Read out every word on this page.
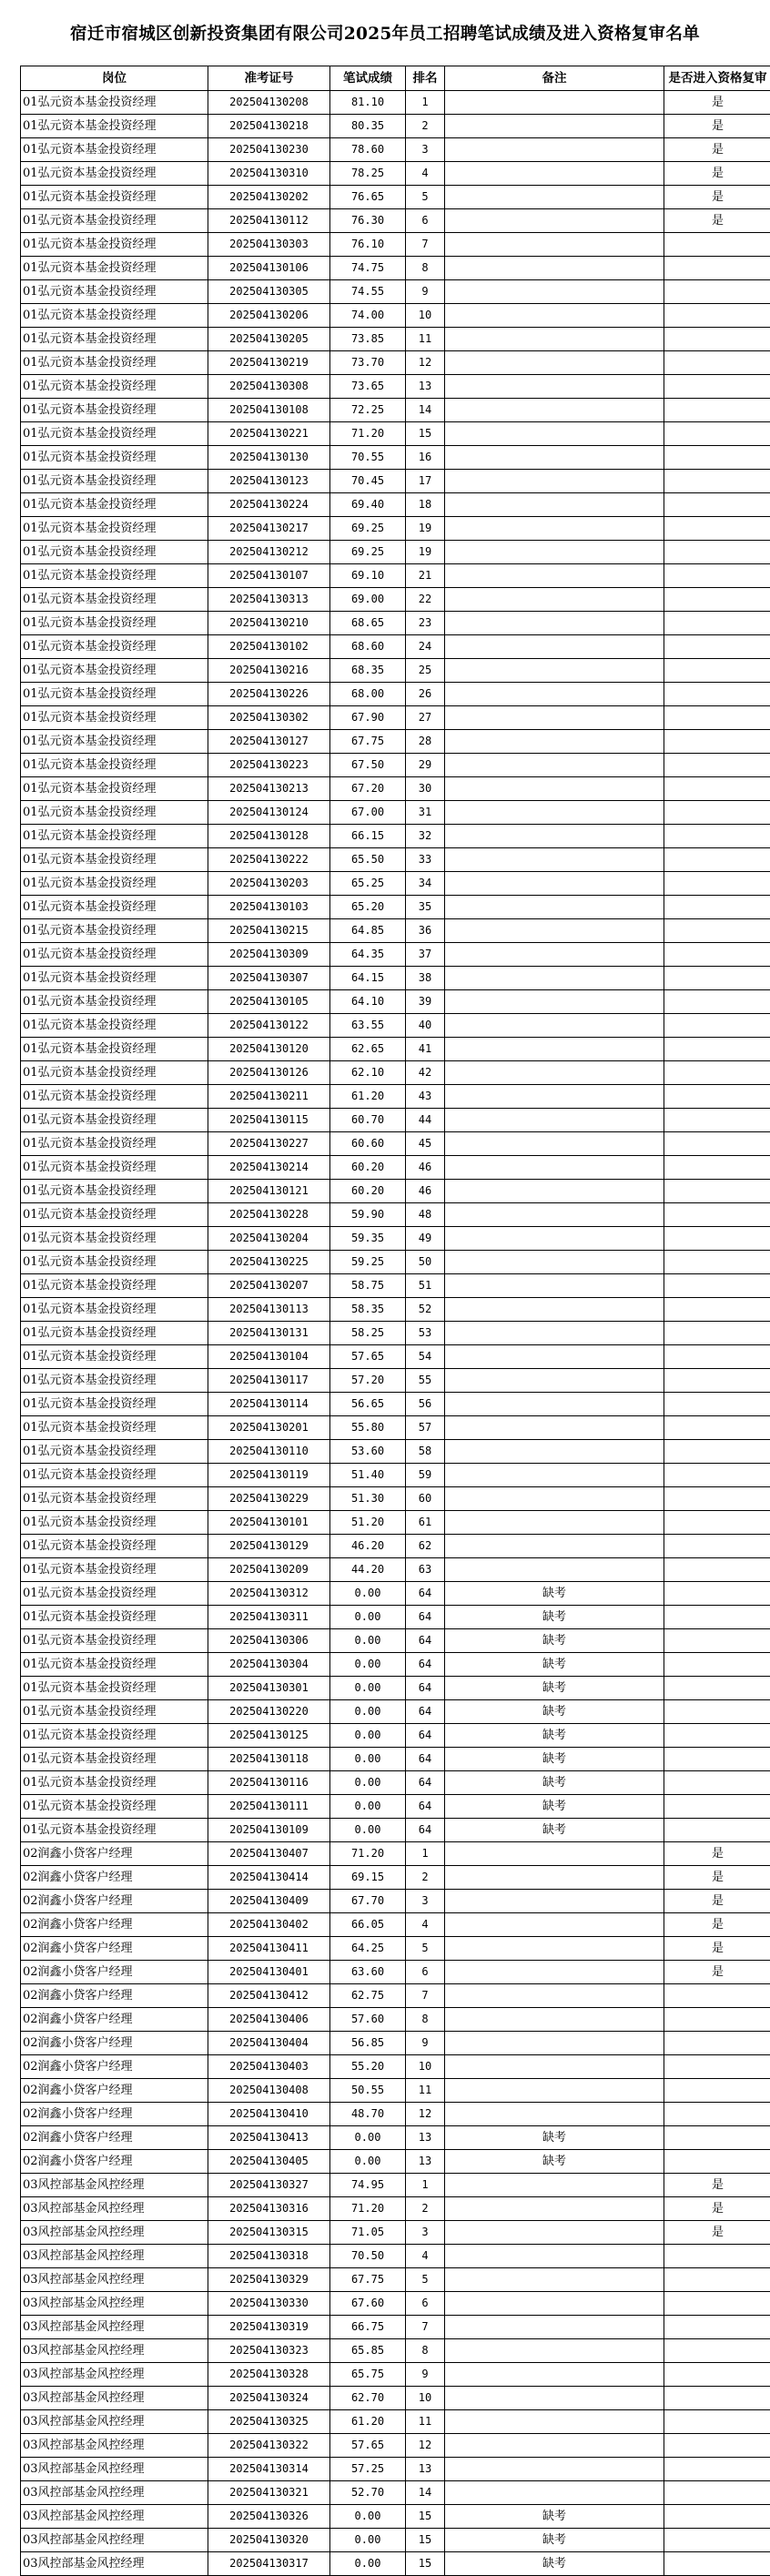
宿迁市宿城区创新投资集团有限公司2025年员工招聘笔试成绩及进入资格复审名单
岗位	准考证号	笔试成绩	排名	备注	是否进入资格复审
01弘元资本基金投资经理	202504130208	81.10	1		是
01弘元资本基金投资经理	202504130218	80.35	2		是
01弘元资本基金投资经理	202504130230	78.60	3		是
01弘元资本基金投资经理	202504130310	78.25	4		是
01弘元资本基金投资经理	202504130202	76.65	5		是
01弘元资本基金投资经理	202504130112	76.30	6		是
01弘元资本基金投资经理	202504130303	76.10	7		
01弘元资本基金投资经理	202504130106	74.75	8		
01弘元资本基金投资经理	202504130305	74.55	9		
01弘元资本基金投资经理	202504130206	74.00	10		
01弘元资本基金投资经理	202504130205	73.85	11		
01弘元资本基金投资经理	202504130219	73.70	12		
01弘元资本基金投资经理	202504130308	73.65	13		
01弘元资本基金投资经理	202504130108	72.25	14		
01弘元资本基金投资经理	202504130221	71.20	15		
01弘元资本基金投资经理	202504130130	70.55	16		
01弘元资本基金投资经理	202504130123	70.45	17		
01弘元资本基金投资经理	202504130224	69.40	18		
01弘元资本基金投资经理	202504130217	69.25	19		
01弘元资本基金投资经理	202504130212	69.25	19		
01弘元资本基金投资经理	202504130107	69.10	21		
01弘元资本基金投资经理	202504130313	69.00	22		
01弘元资本基金投资经理	202504130210	68.65	23		
01弘元资本基金投资经理	202504130102	68.60	24		
01弘元资本基金投资经理	202504130216	68.35	25		
01弘元资本基金投资经理	202504130226	68.00	26		
01弘元资本基金投资经理	202504130302	67.90	27		
01弘元资本基金投资经理	202504130127	67.75	28		
01弘元资本基金投资经理	202504130223	67.50	29		
01弘元资本基金投资经理	202504130213	67.20	30		
01弘元资本基金投资经理	202504130124	67.00	31		
01弘元资本基金投资经理	202504130128	66.15	32		
01弘元资本基金投资经理	202504130222	65.50	33		
01弘元资本基金投资经理	202504130203	65.25	34		
01弘元资本基金投资经理	202504130103	65.20	35		
01弘元资本基金投资经理	202504130215	64.85	36		
01弘元资本基金投资经理	202504130309	64.35	37		
01弘元资本基金投资经理	202504130307	64.15	38		
01弘元资本基金投资经理	202504130105	64.10	39		
01弘元资本基金投资经理	202504130122	63.55	40		
01弘元资本基金投资经理	202504130120	62.65	41		
01弘元资本基金投资经理	202504130126	62.10	42		
01弘元资本基金投资经理	202504130211	61.20	43		
01弘元资本基金投资经理	202504130115	60.70	44		
01弘元资本基金投资经理	202504130227	60.60	45		
01弘元资本基金投资经理	202504130214	60.20	46		
01弘元资本基金投资经理	202504130121	60.20	46		
01弘元资本基金投资经理	202504130228	59.90	48		
01弘元资本基金投资经理	202504130204	59.35	49		
01弘元资本基金投资经理	202504130225	59.25	50		
01弘元资本基金投资经理	202504130207	58.75	51		
01弘元资本基金投资经理	202504130113	58.35	52		
01弘元资本基金投资经理	202504130131	58.25	53		
01弘元资本基金投资经理	202504130104	57.65	54		
01弘元资本基金投资经理	202504130117	57.20	55		
01弘元资本基金投资经理	202504130114	56.65	56		
01弘元资本基金投资经理	202504130201	55.80	57		
01弘元资本基金投资经理	202504130110	53.60	58		
01弘元资本基金投资经理	202504130119	51.40	59		
01弘元资本基金投资经理	202504130229	51.30	60		
01弘元资本基金投资经理	202504130101	51.20	61		
01弘元资本基金投资经理	202504130129	46.20	62		
01弘元资本基金投资经理	202504130209	44.20	63		
01弘元资本基金投资经理	202504130312	0.00	64	缺考	
01弘元资本基金投资经理	202504130311	0.00	64	缺考	
01弘元资本基金投资经理	202504130306	0.00	64	缺考	
01弘元资本基金投资经理	202504130304	0.00	64	缺考	
01弘元资本基金投资经理	202504130301	0.00	64	缺考	
01弘元资本基金投资经理	202504130220	0.00	64	缺考	
01弘元资本基金投资经理	202504130125	0.00	64	缺考	
01弘元资本基金投资经理	202504130118	0.00	64	缺考	
01弘元资本基金投资经理	202504130116	0.00	64	缺考	
01弘元资本基金投资经理	202504130111	0.00	64	缺考	
01弘元资本基金投资经理	202504130109	0.00	64	缺考	
02润鑫小贷客户经理	202504130407	71.20	1		是
02润鑫小贷客户经理	202504130414	69.15	2		是
02润鑫小贷客户经理	202504130409	67.70	3		是
02润鑫小贷客户经理	202504130402	66.05	4		是
02润鑫小贷客户经理	202504130411	64.25	5		是
02润鑫小贷客户经理	202504130401	63.60	6		是
02润鑫小贷客户经理	202504130412	62.75	7		
02润鑫小贷客户经理	202504130406	57.60	8		
02润鑫小贷客户经理	202504130404	56.85	9		
02润鑫小贷客户经理	202504130403	55.20	10		
02润鑫小贷客户经理	202504130408	50.55	11		
02润鑫小贷客户经理	202504130410	48.70	12		
02润鑫小贷客户经理	202504130413	0.00	13	缺考	
02润鑫小贷客户经理	202504130405	0.00	13	缺考	
03风控部基金风控经理	202504130327	74.95	1		是
03风控部基金风控经理	202504130316	71.20	2		是
03风控部基金风控经理	202504130315	71.05	3		是
03风控部基金风控经理	202504130318	70.50	4		
03风控部基金风控经理	202504130329	67.75	5		
03风控部基金风控经理	202504130330	67.60	6		
03风控部基金风控经理	202504130319	66.75	7		
03风控部基金风控经理	202504130323	65.85	8		
03风控部基金风控经理	202504130328	65.75	9		
03风控部基金风控经理	202504130324	62.70	10		
03风控部基金风控经理	202504130325	61.20	11		
03风控部基金风控经理	202504130322	57.65	12		
03风控部基金风控经理	202504130314	57.25	13		
03风控部基金风控经理	202504130321	52.70	14		
03风控部基金风控经理	202504130326	0.00	15	缺考	
03风控部基金风控经理	202504130320	0.00	15	缺考	
03风控部基金风控经理	202504130317	0.00	15	缺考	
